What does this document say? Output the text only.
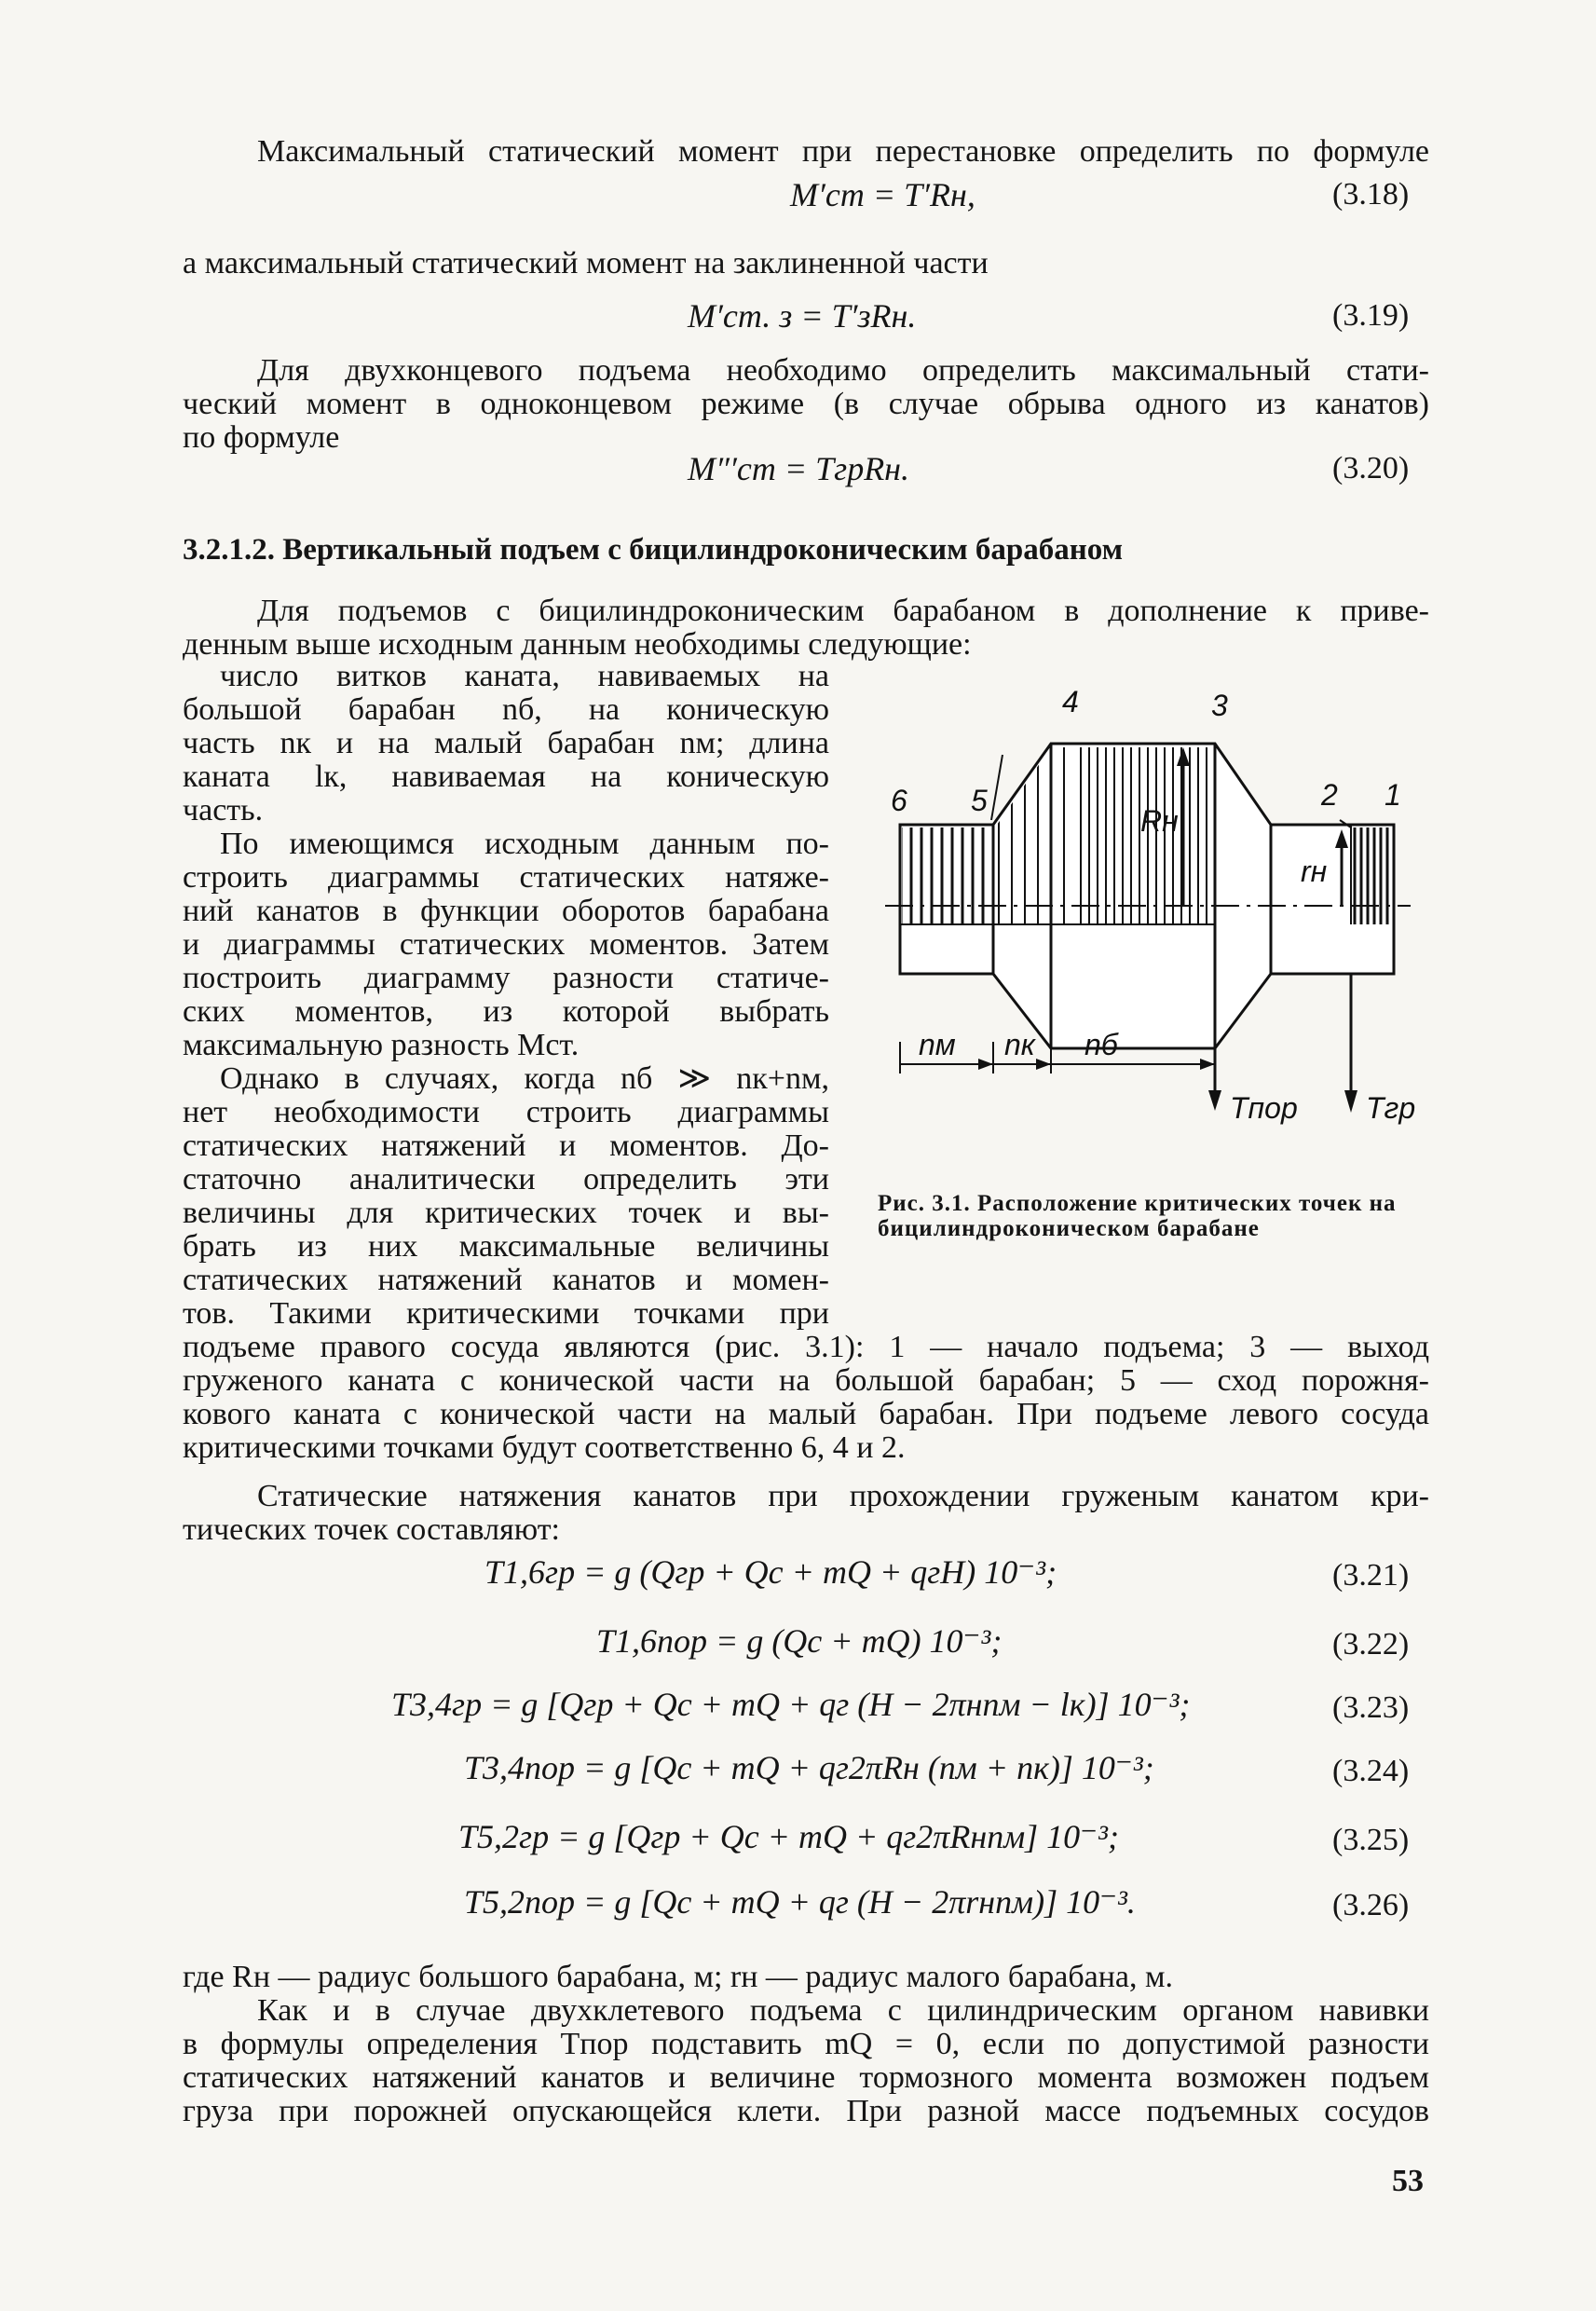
Максимальный статический момент при перестановке определить по формуле
M′ст = T′Rн,	(3.18)
а максимальный статический момент на заклиненной части
M′ст. з = T′зRн.	(3.19)
Для двухконцевого подъема необходимо определить максимальный стати-
ческий момент в одноконцевом режиме (в случае обрыва одного из канатов)
по формуле
M″′ст = TгрRн.	(3.20)
3.2.1.2. Вертикальный подъем с бицилиндроконическим барабаном
Для подъемов с бицилиндроконическим барабаном в дополнение к приве-
денным выше исходным данным необходимы следующие:
число витков каната, навиваемых на
большой барабан nб, на коническую
часть nк и на малый барабан nм; длина
каната lк, навиваемая на коническую
часть.
По имеющимся исходным данным по-
строить диаграммы статических натяже-
ний канатов в функции оборотов барабана
и диаграммы статических моментов. Затем
построить диаграмму разности статиче-
ских моментов, из которой выбрать
максимальную разность Mст.
Однако в случаях, когда nб ≫ nк+nм,
нет необходимости строить диаграммы
статических натяжений и моментов. До-
статочно аналитически определить эти
величины для критических точек и вы-
брать из них максимальные величины
статических натяжений канатов и момен-
тов. Такими критическими точками при
6 5
4	3
2 1
Rн
rн
nм nк nб
Tпор Tгр
Рис. 3.1. Расположение критических точек на бицилиндроконическом барабане
подъеме правого сосуда являются (рис. 3.1): 1 — начало подъема; 3 — выход
груженого каната с конической части на большой барабан; 5 — сход порожня-
кового каната с конической части на малый барабан. При подъеме левого сосуда
критическими точками будут соответственно 6, 4 и 2.
Статические натяжения канатов при прохождении груженым канатом кри-
тических точек составляют:
T1,6гр = g (Qгр + Qс + mQ + qгH) 10⁻³;	(3.21)
T1,6пор = g (Qс + mQ) 10⁻³;	(3.22)
T3,4гр = g [Qгр + Qс + mQ + qг (H − 2πнnм − lк)] 10⁻³;	(3.23)
T3,4пор = g [Qс + mQ + qг2πRн (nм + nк)] 10⁻³;	(3.24)
T5,2гр = g [Qгр + Qс + mQ + qг2πRнnм] 10⁻³;	(3.25)
T5,2пор = g [Qс + mQ + qг (H − 2πrнnм)] 10⁻³.	(3.26)
где Rн — радиус большого барабана, м; rн — радиус малого барабана, м.
Как и в случае двухклетевого подъема с цилиндрическим органом навивки
в формулы определения Tпор подставить mQ = 0, если по допустимой разности
статических натяжений канатов и величине тормозного момента возможен подъем
груза при порожней опускающейся клети. При разной массе подъемных сосудов
53
